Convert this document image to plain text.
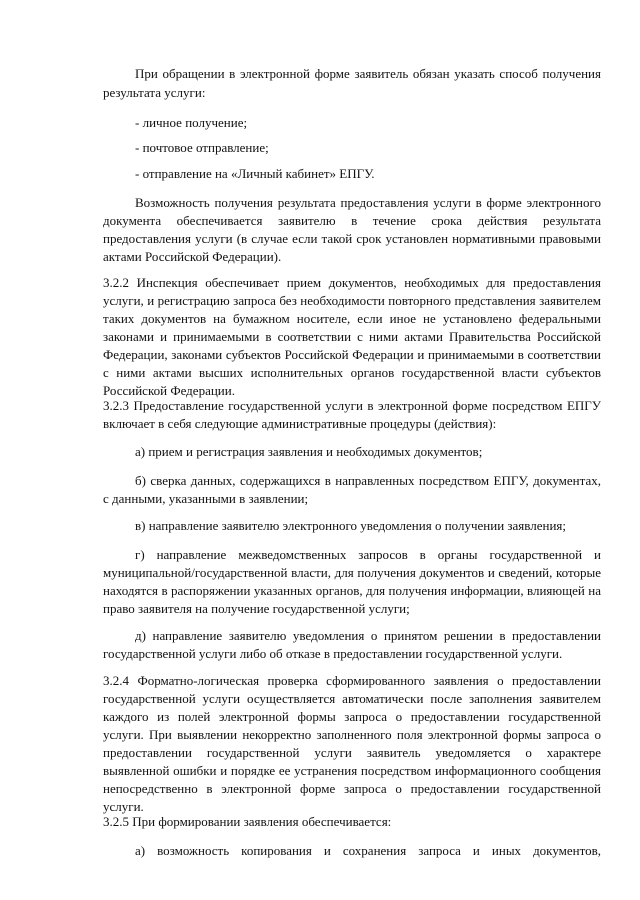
При обращении в электронной форме заявитель обязан указать способ получения
результата услуги:
- личное получение;
- почтовое отправление;
- отправление на «Личный кабинет» ЕПГУ.
Возможность получения результата предоставления услуги в форме электронного
документа обеспечивается заявителю в течение срока действия результата
предоставления услуги (в случае если такой срок установлен нормативными правовыми
актами Российской Федерации).
3.2.2 Инспекция обеспечивает прием документов, необходимых для предоставления
услуги, и регистрацию запроса без необходимости повторного представления заявителем
таких документов на бумажном носителе, если иное не установлено федеральными
законами и принимаемыми в соответствии с ними актами Правительства Российской
Федерации, законами субъектов Российской Федерации и принимаемыми в соответствии
с ними актами высших исполнительных органов государственной власти субъектов
Российской Федерации.
3.2.3 Предоставление государственной услуги в электронной форме посредством ЕПГУ
включает в себя следующие административные процедуры (действия):
а) прием и регистрация заявления и необходимых документов;
б) сверка данных, содержащихся в направленных посредством ЕПГУ, документах,
с данными, указанными в заявлении;
в) направление заявителю электронного уведомления о получении заявления;
г) направление межведомственных запросов в органы государственной и
муниципальной/государственной власти, для получения документов и сведений, которые
находятся в распоряжении указанных органов, для получения информации, влияющей на
право заявителя на получение государственной услуги;
д) направление заявителю уведомления о принятом решении в предоставлении
государственной услуги либо об отказе в предоставлении государственной услуги.
3.2.4 Форматно-логическая проверка сформированного заявления о предоставлении
государственной услуги осуществляется автоматически после заполнения заявителем
каждого из полей электронной формы запроса о предоставлении государственной
услуги. При выявлении некорректно заполненного поля электронной формы запроса о
предоставлении государственной услуги заявитель уведомляется о характере
выявленной ошибки и порядке ее устранения посредством информационного сообщения
непосредственно в электронной форме запроса о предоставлении государственной
услуги.
3.2.5 При формировании заявления обеспечивается:
а) возможность копирования и сохранения запроса и иных документов,
